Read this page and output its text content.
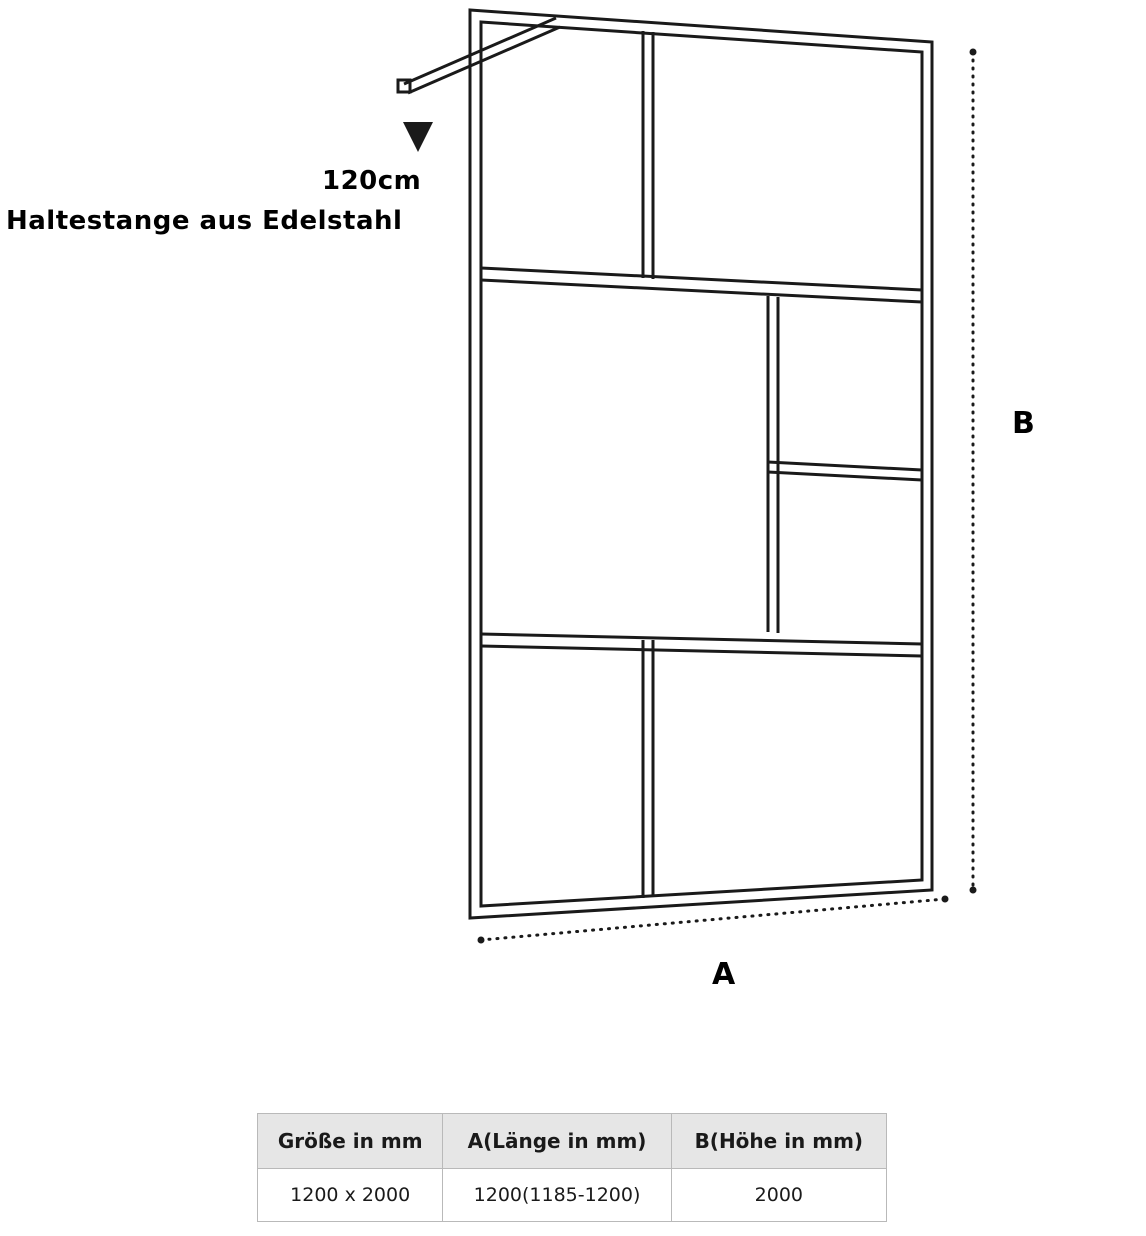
120cm
Haltestange aus Edelstahl
A
B
Größe in mm	A(Länge in mm)	B(Höhe in mm)
1200 x 2000	1200(1185-1200)	2000
